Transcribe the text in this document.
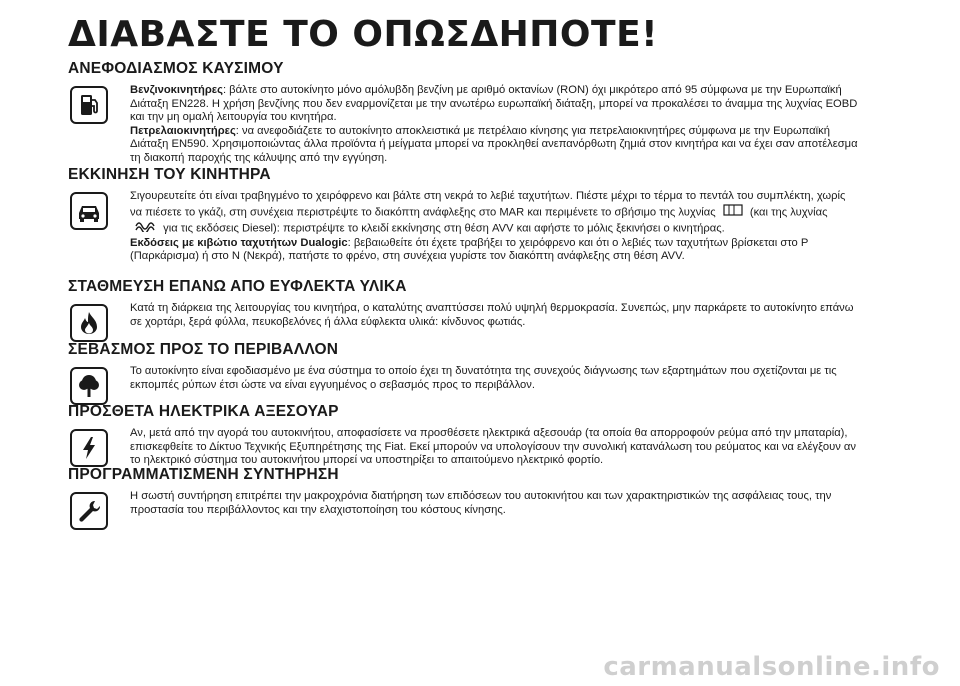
ΔΙΑΒΑΣΤΕ ΤΟ ΟΠΩΣΔΗΠΟΤΕ!
ΑΝΕΦΟΔΙΑΣΜΟΣ ΚΑΥΣΙΜΟΥ

Βενζινοκινητήρες: βάλτε στο αυτοκίνητο μόνο αμόλυβδη βενζίνη με αριθμό οκτανίων (RON) όχι μικρότερο από 95 σύμφωνα με την Ευρωπαϊκή Διάταξη EN228. Η χρήση βενζίνης που δεν εναρμονίζεται με την ανωτέρω ευρωπαϊκή διάταξη, μπορεί να προκαλέσει το άναμμα της λυχνίας EOBD και την μη ομαλή λειτουργία του κινητήρα.

Πετρελαιοκινητήρες: να ανεφοδιάζετε το αυτοκίνητο αποκλειστικά με πετρέλαιο κίνησης για πετρελαιοκινητήρες σύμφωνα με την Ευρωπαϊκή Διάταξη EN590. Χρησιμοποιώντας άλλα προϊόντα ή μείγματα μπορεί να προκληθεί ανεπανόρθωτη ζημιά στον κινητήρα και να έχει σαν αποτέλεσμα τη διακοπή παροχής της κάλυψης από την εγγύηση.

ΕΚΚΙΝΗΣΗ ΤΟΥ ΚΙΝΗΤΗΡΑ

Σιγουρευτείτε ότι είναι τραβηγμένο το χειρόφρενο και βάλτε στη νεκρά το λεβιέ ταχυτήτων. Πιέστε μέχρι το τέρμα το πεντάλ του συμπλέκτη, χωρίς να πιέσετε το γκάζι, στη συνέχεια περιστρέψτε το διακόπτη ανάφλεξης στο MAR και περιμένετε το σβήσιμο της λυχνίας	(και της λυχνίας  για τις εκδόσεις Diesel): περιστρέψτε το κλειδί εκκίνησης στη θέση AVV και αφήστε το μόλις ξεκινήσει ο κινητήρας.

Εκδόσεις με κιβώτιο ταχυτήτων Dualogic: βεβαιωθείτε ότι έχετε τραβήξει το χειρόφρενο και ότι ο λεβιές των ταχυτήτων βρίσκεται στο P (Παρκάρισμα) ή στο N (Νεκρά), πατήστε το φρένο, στη συνέχεια γυρίστε τον διακόπτη ανάφλεξης στη θέση AVV.

ΣΤΑΘΜΕΥΣΗ ΕΠΑΝΩ ΑΠΟ ΕΥΦΛΕΚΤΑ ΥΛΙΚΑ

Κατά τη διάρκεια της λειτουργίας του κινητήρα, ο καταλύτης αναπτύσσει πολύ υψηλή θερμοκρασία. Συνεπώς, μην παρκάρετε το αυτοκίνητο επάνω σε χορτάρι, ξερά φύλλα, πευκοβελόνες ή άλλα εύφλεκτα υλικά: κίνδυνος φωτιάς.

ΣΕΒΑΣΜΟΣ ΠΡΟΣ ΤΟ ΠΕΡΙΒΑΛΛΟΝ

Το αυτοκίνητο είναι εφοδιασμένο με ένα σύστημα το οποίο έχει τη δυνατότητα της συνεχούς διάγνωσης των εξαρτημάτων που σχετίζονται με τις εκπομπές ρύπων έτσι ώστε να είναι εγγυημένος ο σεβασμός προς το περιβάλλον.

ΠΡΟΣΘΕΤΑ ΗΛΕΚΤΡΙΚΑ ΑΞΕΣΟΥΑΡ

Αν, μετά από την αγορά του αυτοκινήτου, αποφασίσετε να προσθέσετε ηλεκτρικά αξεσουάρ (τα οποία θα απορροφούν ρεύμα από την μπαταρία), επισκεφθείτε το Δίκτυο Τεχνικής Εξυπηρέτησης της Fiat. Εκεί μπορούν να υπολογίσουν την συνολική κατανάλωση του ρεύματος και να ελέγξουν αν το ηλεκτρικό σύστημα του αυτοκινήτου μπορεί να υποστηρίξει το απαιτούμενο ηλεκτρικό φορτίο.

ΠΡΟΓΡΑΜΜΑΤΙΣΜΕΝΗ ΣΥΝΤΗΡΗΣΗ

Η σωστή συντήρηση επιτρέπει την μακροχρόνια διατήρηση των επιδόσεων του αυτοκινήτου και των χαρακτηριστικών της ασφάλειας τους, την προστασία του περιβάλλοντος και την ελαχιστοποίηση του κόστους κίνησης.

carmanualsonline.info
